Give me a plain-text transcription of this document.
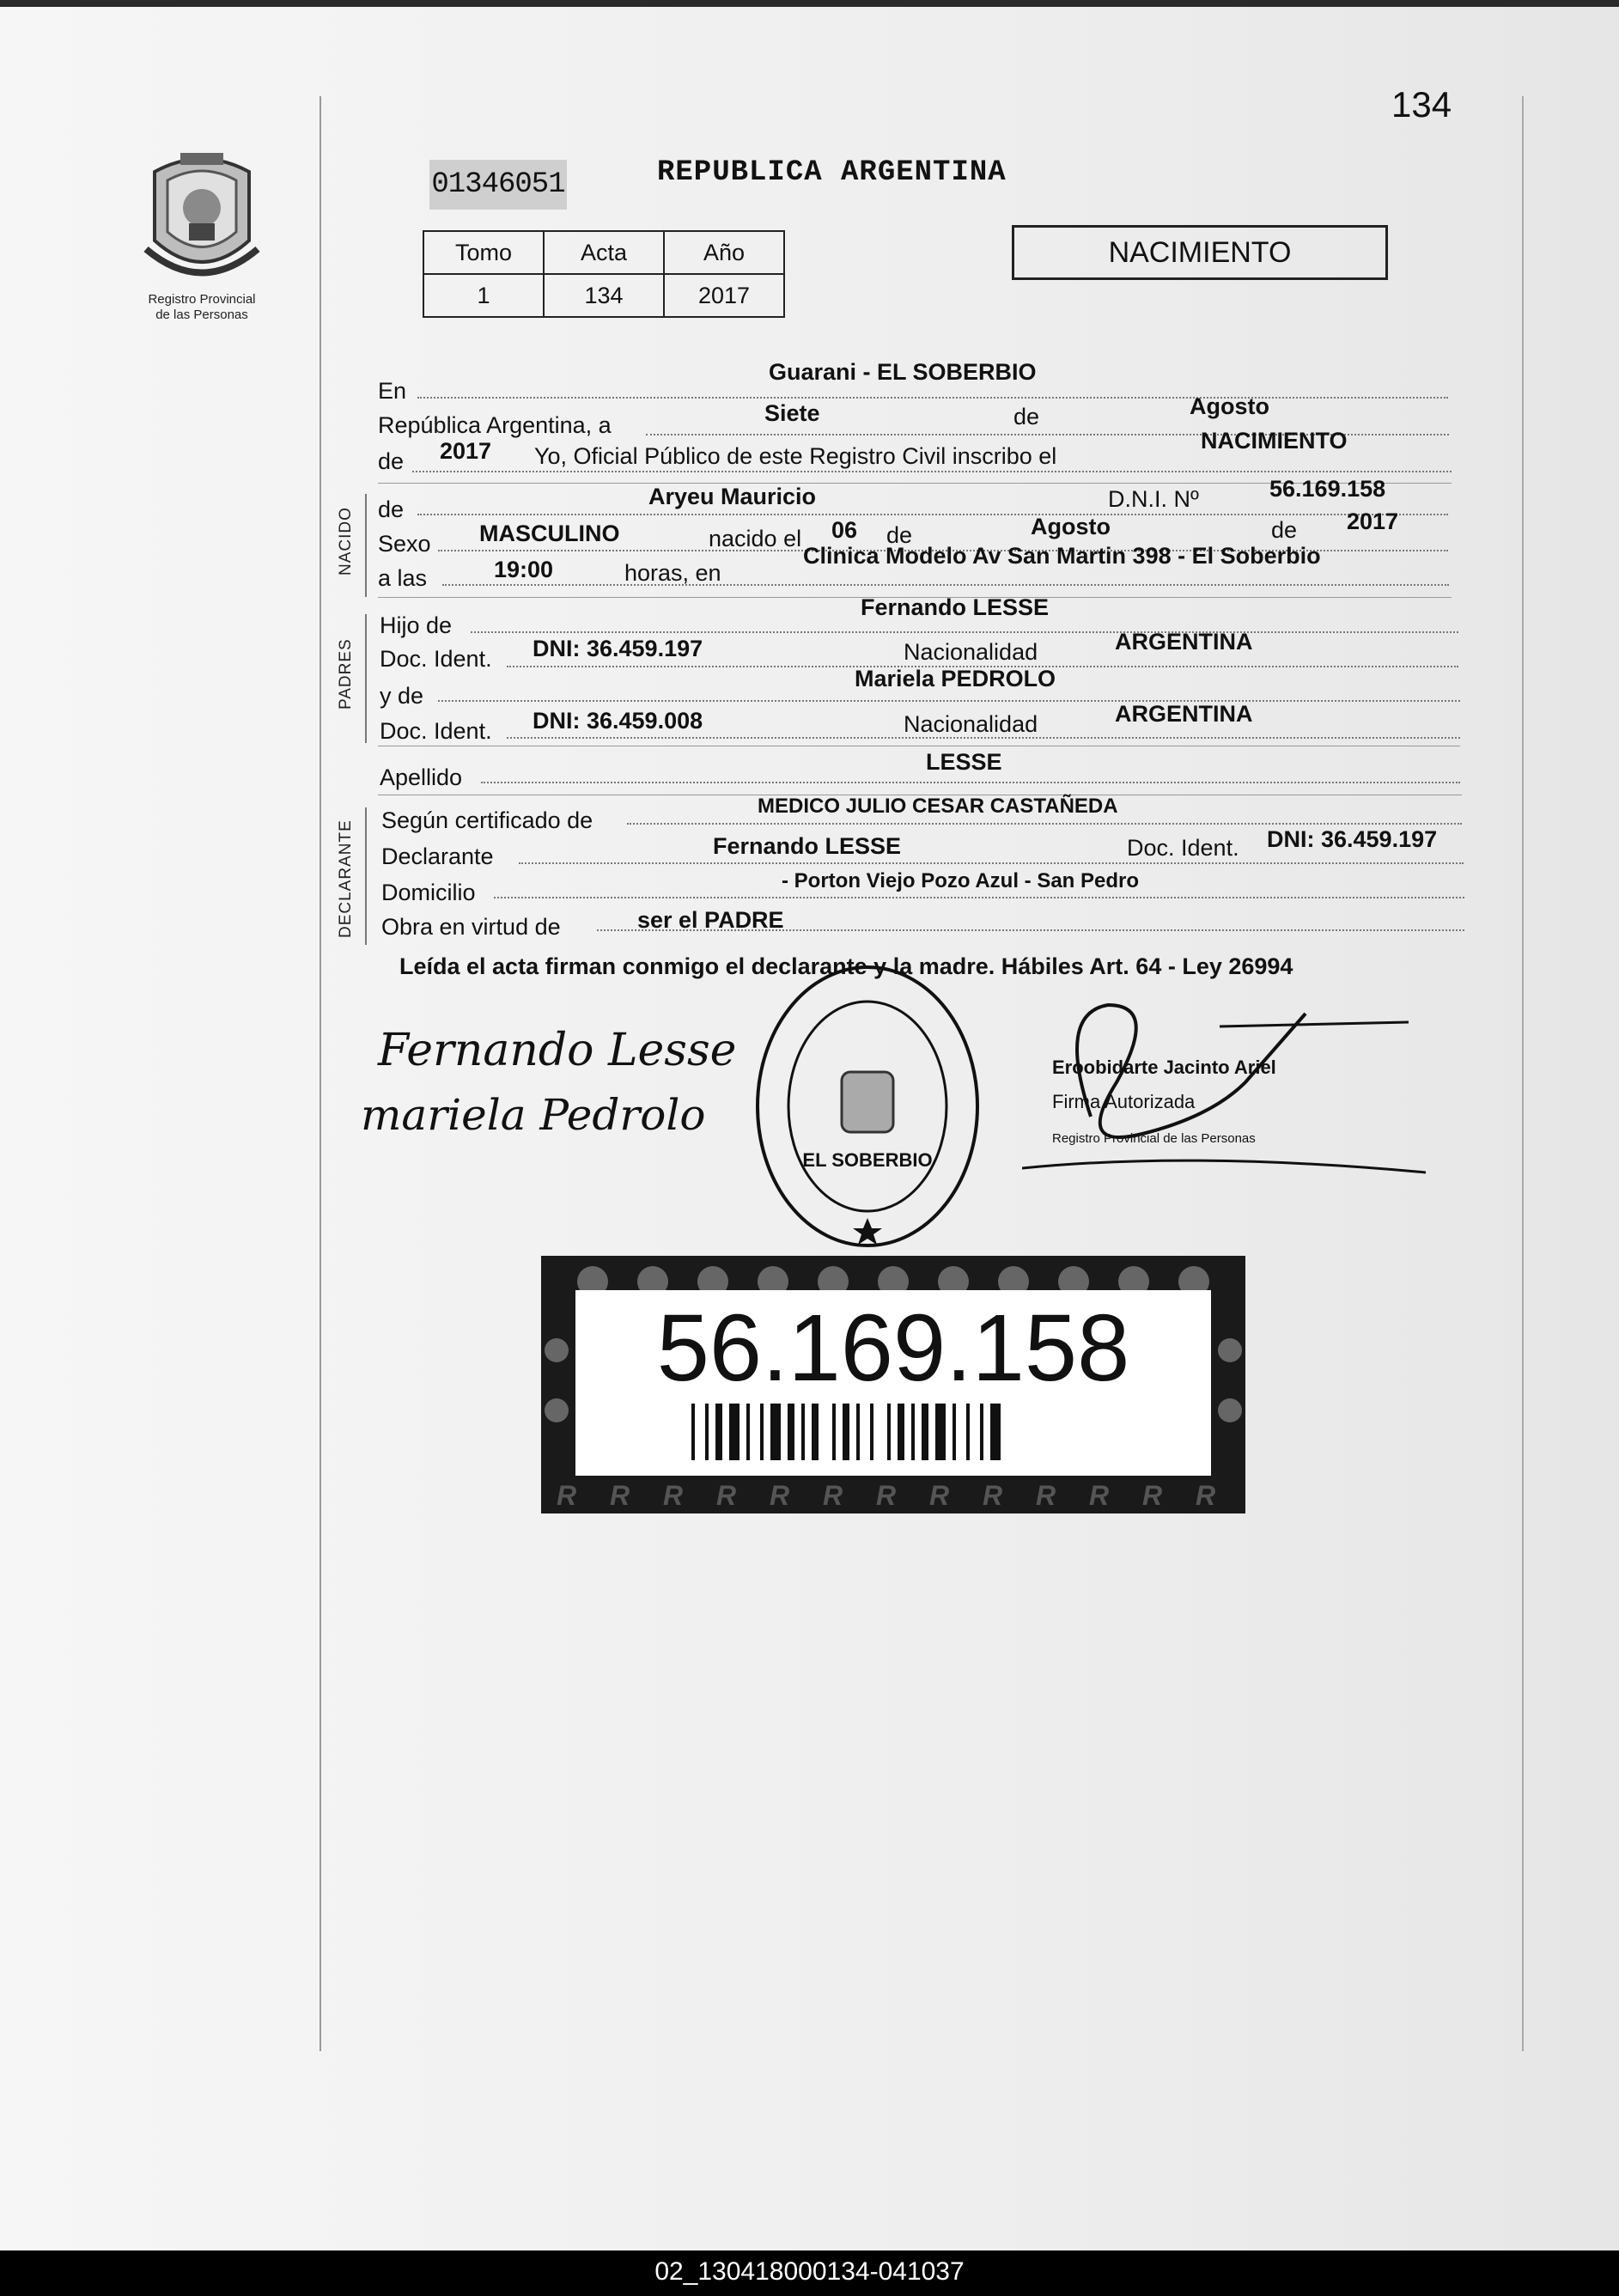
134
Registro Provincial
de las Personas
01346051	REPUBLICA ARGENTINA
Tomo	Acta	Año
1	134	2017
NACIMIENTO
En
Guarani - EL SOBERBIO
República Argentina, a	Siete	de	Agosto
de 2017 Yo, Oficial Público de este Registro Civil inscribo el
NACIMIENTO
NACIDO de	Aryeu Mauricio	D.N.I. Nº	56.169.158
Sexo MASCULINO	nacido el 06 de	Agosto	de 2017
a las	19:00	horas, en
Clinica Modelo Av San Martin 398 - El Soberbio
PADRES
Hijo de
Fernando LESSE
Doc. Ident. DNI: 36.459.197	Nacionalidad	ARGENTINA
y de
Mariela PEDROLO
Doc. Ident. DNI: 36.459.008	Nacionalidad	ARGENTINA
Apellido
LESSE
DECLARANTE Según certificado de
MEDICO JULIO CESAR CASTAÑEDA
Declarante	Fernando LESSE	Doc. Ident. DNI: 36.459.197
Domicilio	- Porton Viejo Pozo Azul - San Pedro
Obra en virtud de	ser el PADRE
Leída el acta firman conmigo el declarante y la madre. Hábiles Art. 64 - Ley 26994
Fernando Lesse
mariela Pedrolo
EL SOBERBIO
Eroobidarte Jacinto Ariel
Firma Autorizada
Registro Provincial de las Personas
56.169.158
R R R R R R R R R R R R R
02_130418000134-041037
